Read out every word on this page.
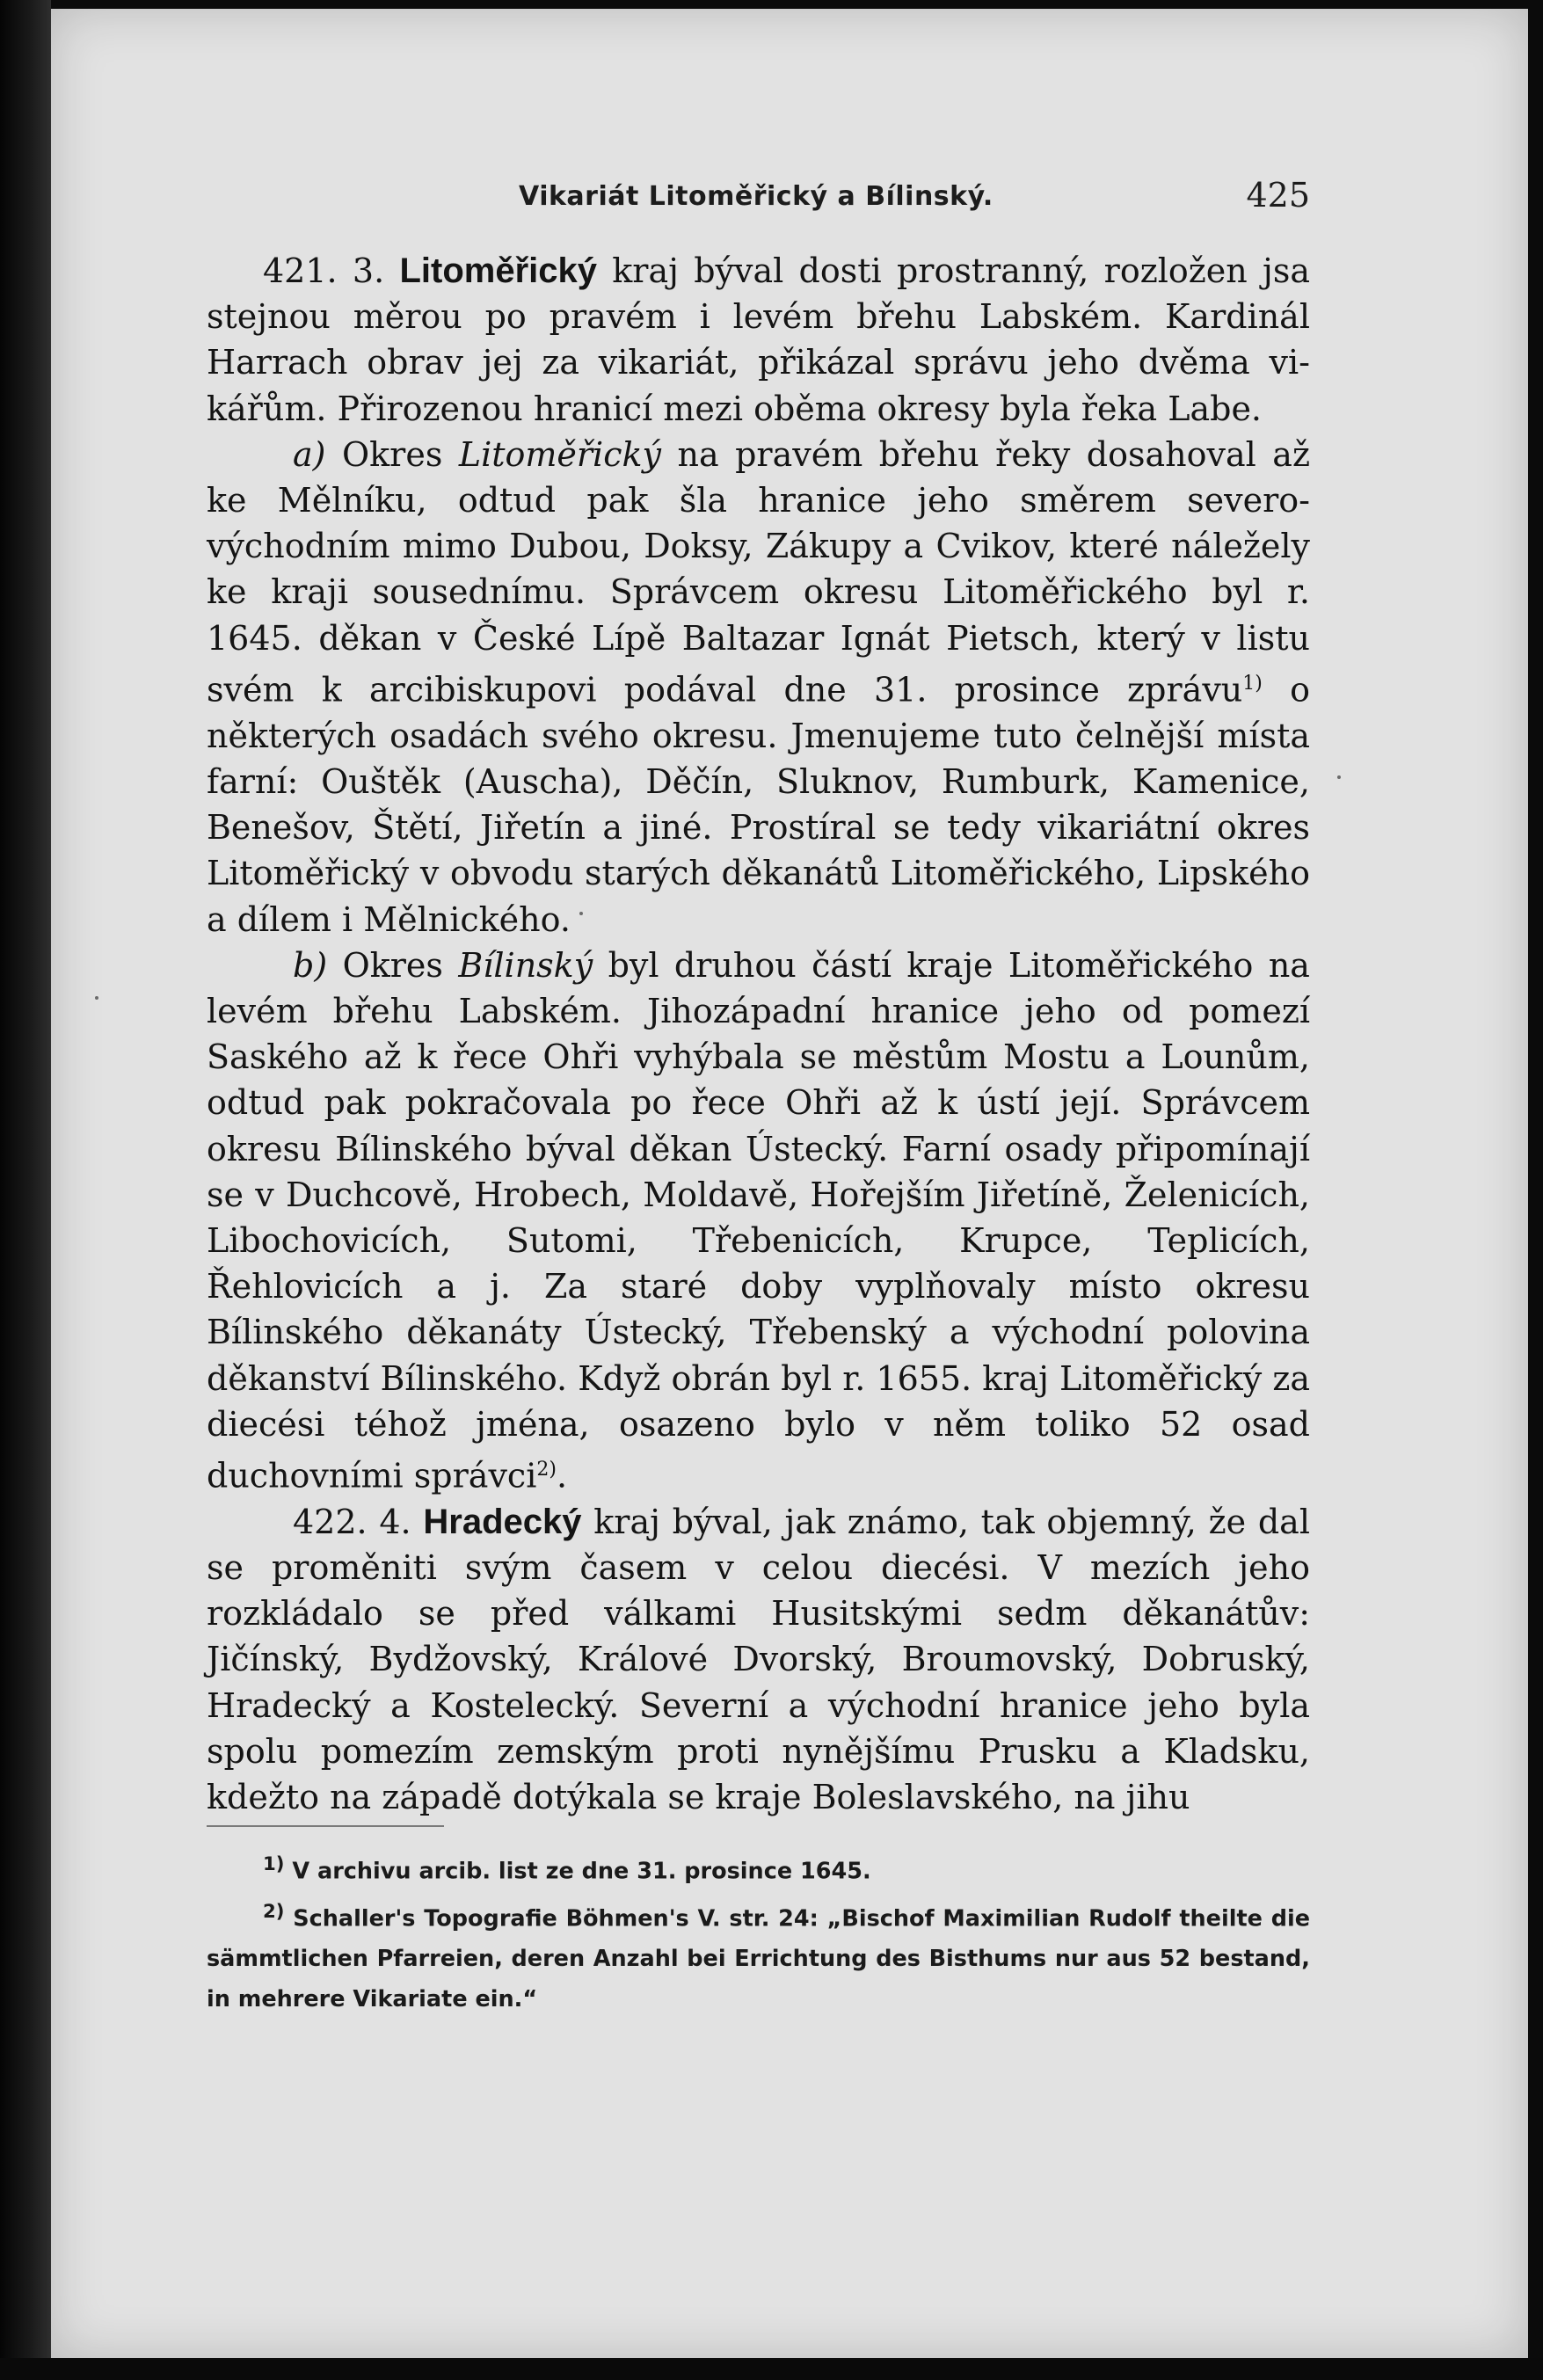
Vikariát Litoměřický a Bílinský.	425

421. 3. Litoměřický kraj býval dosti prostranný, rozložen jsa stejnou měrou po pravém i levém břehu Labském. Kardinál Harrach obrav jej za vikariát, přikázal správu jeho dvěma vi-kářům. Přirozenou hranicí mezi oběma okresy byla řeka Labe.

a) Okres Litoměřický na pravém břehu řeky dosahoval až ke Mělníku, odtud pak šla hranice jeho směrem severo-východním mimo Dubou, Doksy, Zákupy a Cvikov, které náležely ke kraji sousednímu. Správcem okresu Litoměřického byl r. 1645. děkan v České Lípě Baltazar Ignát Pietsch, který v listu svém k arcibiskupovi podával dne 31. prosince zprávu$^{1)}$ o některých osadách svého okresu. Jmenujeme tuto čelnější místa farní: Ouštěk (Auscha), Děčín, Sluknov, Rumburk, Kamenice, Benešov, Štětí, Jiřetín a jiné. Prostíral se tedy vikariátní okres Litoměřický v obvodu starých děkanátů Litoměřického, Lipského a dílem i Mělnického.

b) Okres Bílinský byl druhou částí kraje Litoměřického na levém břehu Labském. Jihozápadní hranice jeho od pomezí Saského až k řece Ohři vyhýbala se městům Mostu a Lounům, odtud pak pokračovala po řece Ohři až k ústí její. Správcem okresu Bílinského býval děkan Ústecký. Farní osady připomínají se v Duchcově, Hrobech, Moldavě, Hořejším Jiřetíně, Želenicích, Libochovicích, Sutomi, Třebenicích, Krupce, Teplicích, Řehlovicích a j. Za staré doby vyplňovaly místo okresu Bílinského děkanáty Ústecký, Třebenský a východní polovina děkanství Bílinského. Když obrán byl r. 1655. kraj Litoměřický za diecési téhož jména, osazeno bylo v něm toliko 52 osad duchovními správci$^{2)}$.

422. 4. Hradecký kraj býval, jak známo, tak objemný, že dal se proměniti svým časem v celou diecési. V mezích jeho rozkládalo se před válkami Husitskými sedm děkanátův: Jičínský, Bydžovský, Králové Dvorský, Broumovský, Dobruský, Hradecký a Kostelecký. Severní a východní hranice jeho byla spolu pomezím zemským proti nynějšímu Prusku a Kladsku, kdežto na západě dotýkala se kraje Boleslavského, na jihu

$^{1)}$ V archivu arcib. list ze dne 31. prosince 1645.

$^{2)}$ Schaller's Topografie Böhmen's V. str. 24: „Bischof Maximilian Rudolf theilte die sämmtlichen Pfarreien, deren Anzahl bei Errichtung des Bisthums nur aus 52 bestand, in mehrere Vikariate ein.“
